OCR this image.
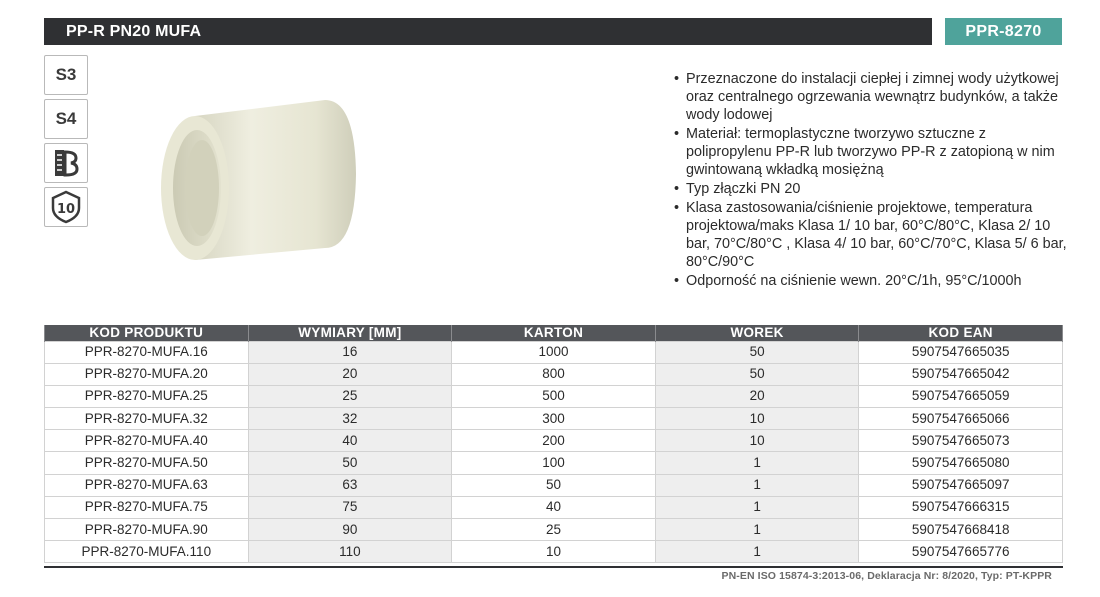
PP-R PN20 MUFA	PPR-8270
S3
S4
10
• Przeznaczone do instalacji ciepłej i zimnej wody użytkowej oraz centralnego ogrzewania wewnątrz budynków, a także wody lodowej
• Materiał: termoplastyczne tworzywo sztuczne z polipropylenu PP-R lub tworzywo PP-R z zatopioną w nim gwintowaną wkładką mosiężną
• Typ złączki PN 20
• Klasa zastosowania/ciśnienie projektowe, temperatura projektowa/maks Klasa 1/ 10 bar, 60°C/80°C, Klasa 2/ 10 bar, 70°C/80°C , Klasa 4/ 10 bar, 60°C/70°C, Klasa 5/ 6 bar, 80°C/90°C
• Odporność na ciśnienie wewn. 20°C/1h, 95°C/1000h
KOD PRODUKTU	WYMIARY [MM]	KARTON	WOREK	KOD EAN
PPR-8270-MUFA.16	16	1000	50	5907547665035
PPR-8270-MUFA.20	20	800	50	5907547665042
PPR-8270-MUFA.25	25	500	20	5907547665059
PPR-8270-MUFA.32	32	300	10	5907547665066
PPR-8270-MUFA.40	40	200	10	5907547665073
PPR-8270-MUFA.50	50	100	1	5907547665080
PPR-8270-MUFA.63	63	50	1	5907547665097
PPR-8270-MUFA.75	75	40	1	5907547666315
PPR-8270-MUFA.90	90	25	1	5907547668418
PPR-8270-MUFA.110	110	10	1	5907547665776
PN-EN ISO 15874-3:2013-06, Deklaracja Nr: 8/2020, Typ: PT-KPPR
